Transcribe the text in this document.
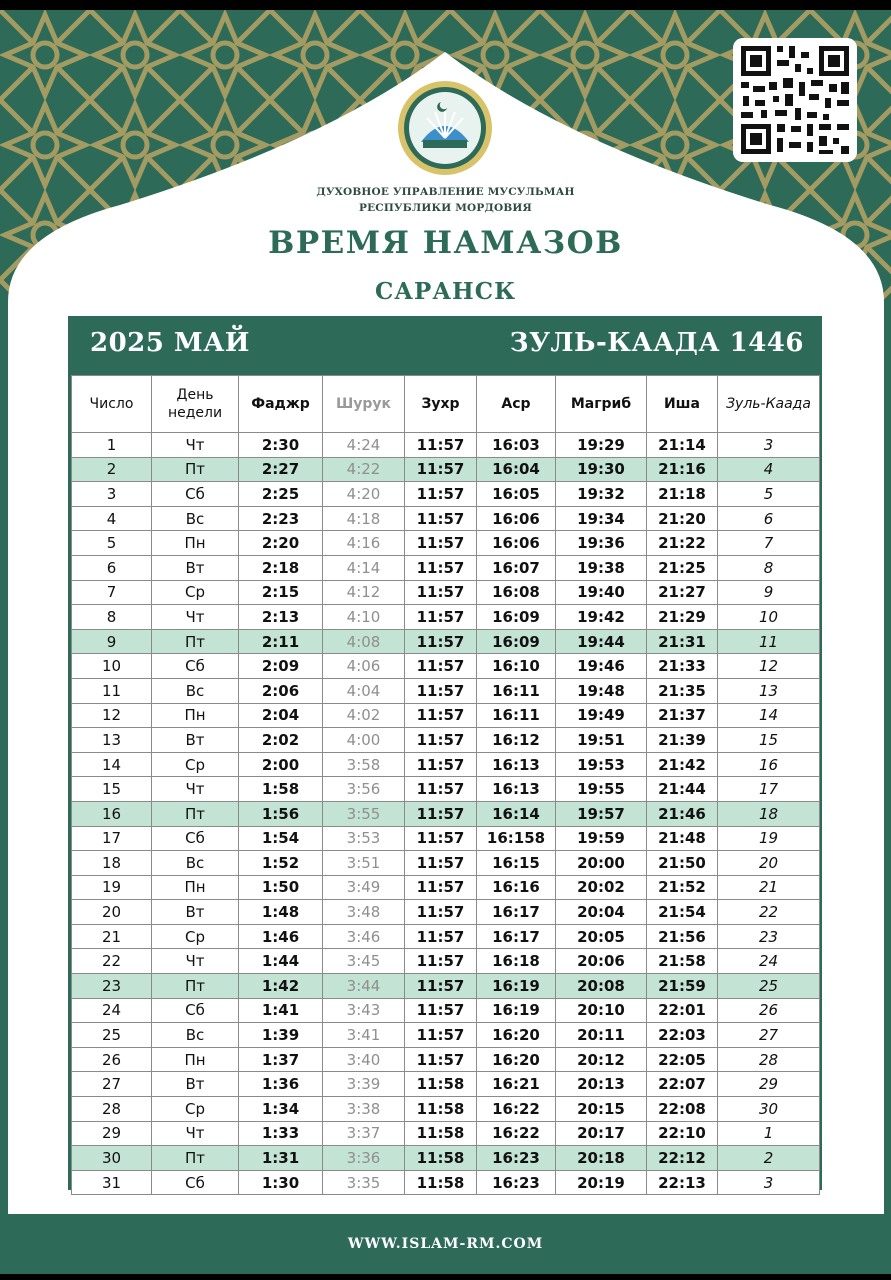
ДУХОВНОЕ УПРАВЛЕНИЕ МУСУЛЬМАН
РЕСПУБЛИКИ МОРДОВИЯ
ВРЕМЯ НАМАЗОВ
САРАНСК
2025 МАЙ	ЗУЛЬ-КААДА 1446
Число	День недели	Фаджр	Шурук	Зухр	Аср	Магриб	Иша	Зуль-Каада
1	Чт	2:30	4:24	11:57	16:03	19:29	21:14	3
2	Пт	2:27	4:22	11:57	16:04	19:30	21:16	4
3	Сб	2:25	4:20	11:57	16:05	19:32	21:18	5
4	Вс	2:23	4:18	11:57	16:06	19:34	21:20	6
5	Пн	2:20	4:16	11:57	16:06	19:36	21:22	7
6	Вт	2:18	4:14	11:57	16:07	19:38	21:25	8
7	Ср	2:15	4:12	11:57	16:08	19:40	21:27	9
8	Чт	2:13	4:10	11:57	16:09	19:42	21:29	10
9	Пт	2:11	4:08	11:57	16:09	19:44	21:31	11
10	Сб	2:09	4:06	11:57	16:10	19:46	21:33	12
11	Вс	2:06	4:04	11:57	16:11	19:48	21:35	13
12	Пн	2:04	4:02	11:57	16:11	19:49	21:37	14
13	Вт	2:02	4:00	11:57	16:12	19:51	21:39	15
14	Ср	2:00	3:58	11:57	16:13	19:53	21:42	16
15	Чт	1:58	3:56	11:57	16:13	19:55	21:44	17
16	Пт	1:56	3:55	11:57	16:14	19:57	21:46	18
17	Сб	1:54	3:53	11:57	16:158	19:59	21:48	19
18	Вс	1:52	3:51	11:57	16:15	20:00	21:50	20
19	Пн	1:50	3:49	11:57	16:16	20:02	21:52	21
20	Вт	1:48	3:48	11:57	16:17	20:04	21:54	22
21	Ср	1:46	3:46	11:57	16:17	20:05	21:56	23
22	Чт	1:44	3:45	11:57	16:18	20:06	21:58	24
23	Пт	1:42	3:44	11:57	16:19	20:08	21:59	25
24	Сб	1:41	3:43	11:57	16:19	20:10	22:01	26
25	Вс	1:39	3:41	11:57	16:20	20:11	22:03	27
26	Пн	1:37	3:40	11:57	16:20	20:12	22:05	28
27	Вт	1:36	3:39	11:58	16:21	20:13	22:07	29
28	Ср	1:34	3:38	11:58	16:22	20:15	22:08	30
29	Чт	1:33	3:37	11:58	16:22	20:17	22:10	1
30	Пт	1:31	3:36	11:58	16:23	20:18	22:12	2
31	Сб	1:30	3:35	11:58	16:23	20:19	22:13	3
WWW.ISLAM-RM.COM
